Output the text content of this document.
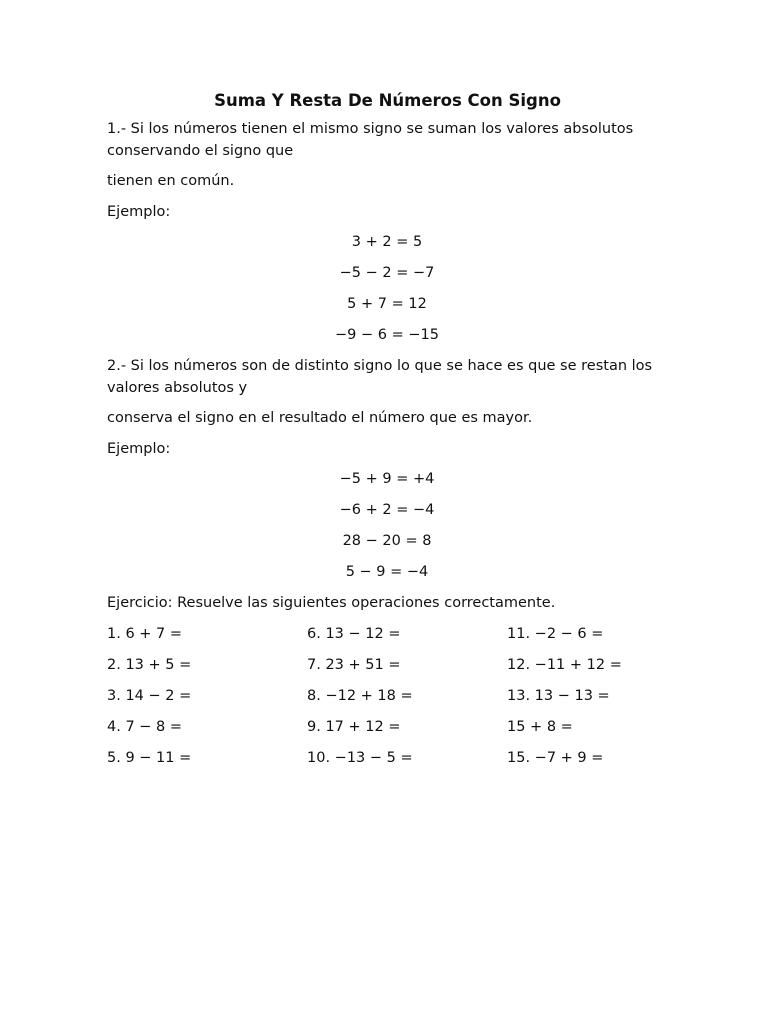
Suma Y Resta De Números Con Signo
1.- Si los números tienen el mismo signo se suman los valores absolutos conservando el signo que
tienen en común.
Ejemplo:
3 + 2 = 5
−5 − 2 = −7
5 + 7 = 12
−9 − 6 = −15
2.- Si los números son de distinto signo lo que se hace es que se restan los valores absolutos y
conserva el signo en el resultado el número que es mayor.
Ejemplo:
−5 + 9 = +4
−6 + 2 = −4
28 − 20 = 8
5 − 9 = −4
Ejercicio: Resuelve las siguientes operaciones correctamente.
1. 6 + 7 =	6. 13 − 12 =	11. −2 − 6 =
2. 13 + 5 =	7. 23 + 51 =	12. −11 + 12 =
3. 14 − 2 =	8. −12 + 18 =	13. 13 − 13 =
4. 7 − 8 =	9. 17 + 12 =	15 + 8 =
5. 9 − 11 =	10. −13 − 5 =	15. −7 + 9 =
